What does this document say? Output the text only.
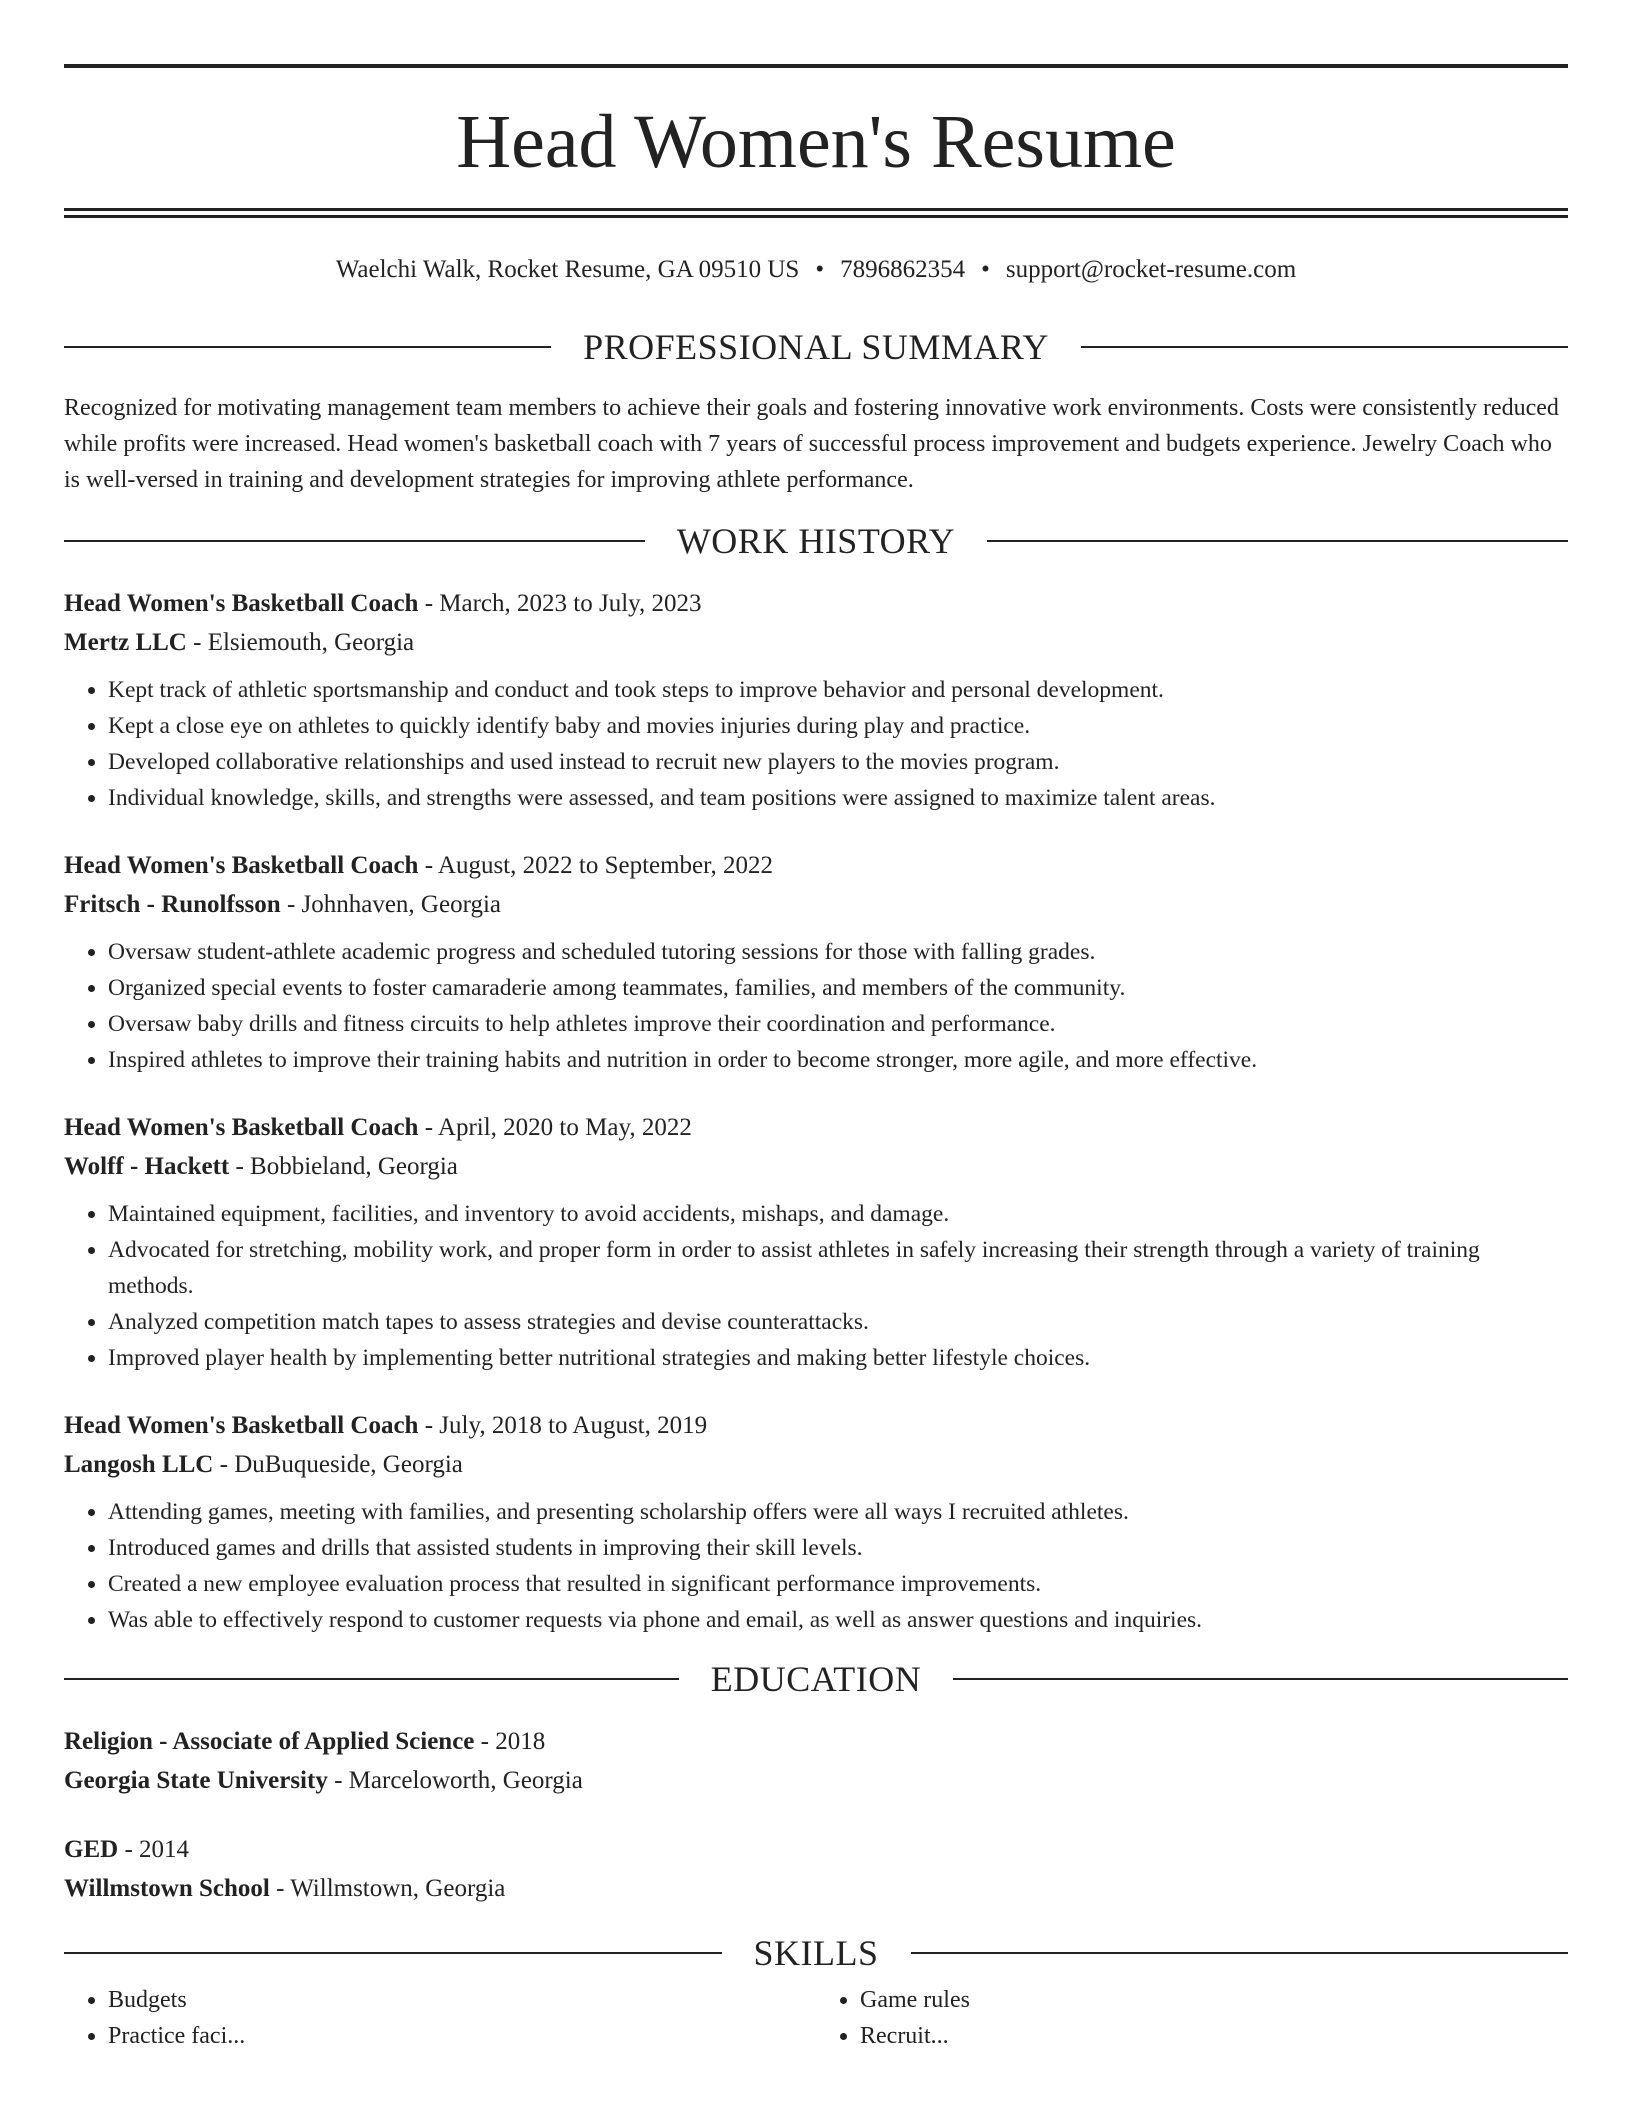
Head Women's Resume
Waelchi Walk, Rocket Resume, GA 09510 US • 7896862354 • support@rocket-resume.com
PROFESSIONAL SUMMARY

Recognized for motivating management team members to achieve their goals and fostering innovative work environments. Costs were consistently reduced while profits were increased. Head women's basketball coach with 7 years of successful process improvement and budgets experience. Jewelry Coach who is well-versed in training and development strategies for improving athlete performance.

WORK HISTORY
Head Women's Basketball Coach - March, 2023 to July, 2023
Mertz LLC - Elsiemouth, Georgia
• Kept track of athletic sportsmanship and conduct and took steps to improve behavior and personal development.
• Kept a close eye on athletes to quickly identify baby and movies injuries during play and practice.
• Developed collaborative relationships and used instead to recruit new players to the movies program.
• Individual knowledge, skills, and strengths were assessed, and team positions were assigned to maximize talent areas.
Head Women's Basketball Coach - August, 2022 to September, 2022
Fritsch - Runolfsson - Johnhaven, Georgia
• Oversaw student-athlete academic progress and scheduled tutoring sessions for those with falling grades.
• Organized special events to foster camaraderie among teammates, families, and members of the community.
• Oversaw baby drills and fitness circuits to help athletes improve their coordination and performance.
• Inspired athletes to improve their training habits and nutrition in order to become stronger, more agile, and more effective.
Head Women's Basketball Coach - April, 2020 to May, 2022
Wolff - Hackett - Bobbieland, Georgia
• Maintained equipment, facilities, and inventory to avoid accidents, mishaps, and damage.
• Advocated for stretching, mobility work, and proper form in order to assist athletes in safely increasing their strength through a variety of training methods.
• Analyzed competition match tapes to assess strategies and devise counterattacks.
• Improved player health by implementing better nutritional strategies and making better lifestyle choices.
Head Women's Basketball Coach - July, 2018 to August, 2019
Langosh LLC - DuBuqueside, Georgia
• Attending games, meeting with families, and presenting scholarship offers were all ways I recruited athletes.
• Introduced games and drills that assisted students in improving their skill levels.
• Created a new employee evaluation process that resulted in significant performance improvements.
• Was able to effectively respond to customer requests via phone and email, as well as answer questions and inquiries.
EDUCATION
Religion - Associate of Applied Science - 2018
Georgia State University - Marceloworth, Georgia
GED - 2014
Willmstown School - Willmstown, Georgia
SKILLS
• Budgets
• Practice faci...
• Game rules
• Recruit...
